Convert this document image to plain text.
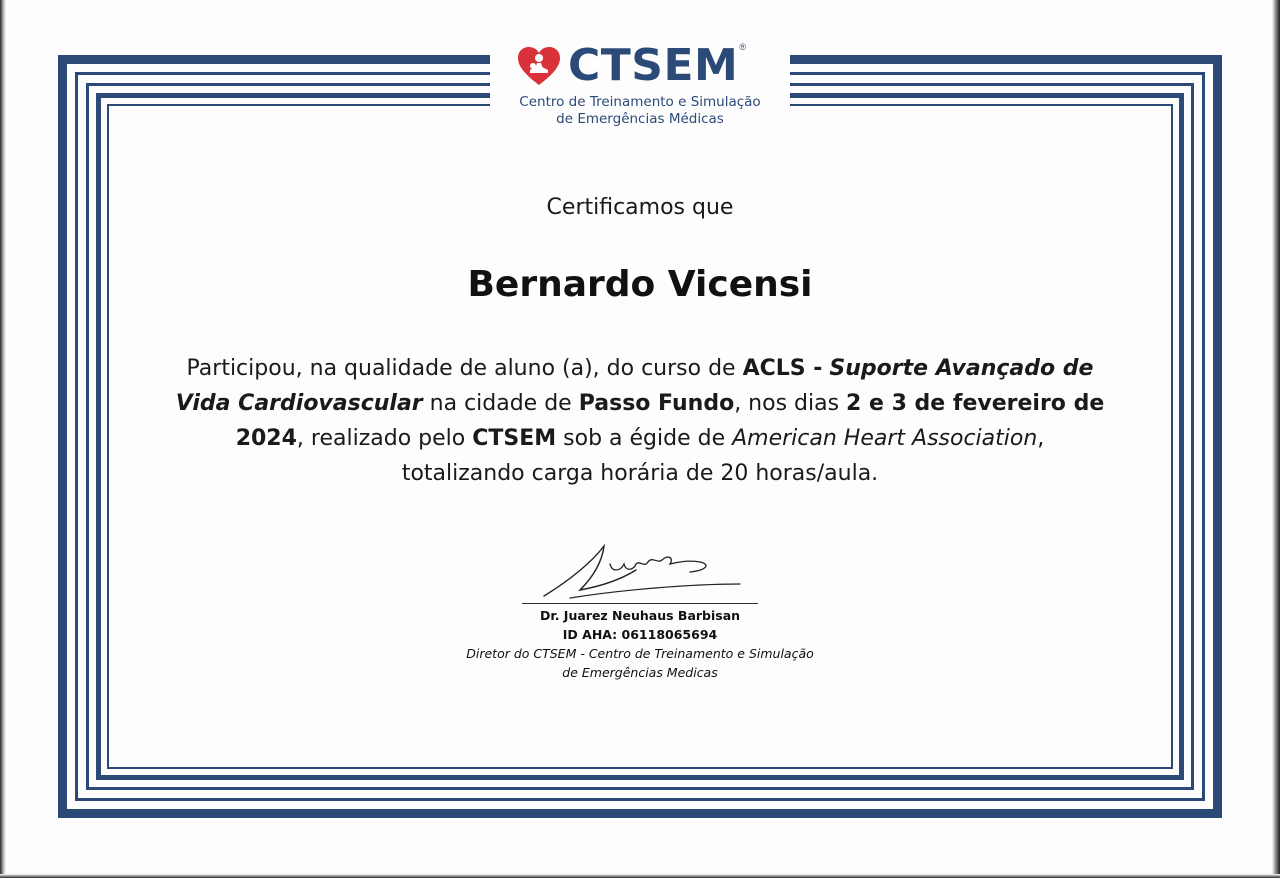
CTSEM ®
Centro de Treinamento e Simulação
de Emergências Médicas
Certificamos que
Bernardo Vicensi
Participou, na qualidade de aluno (a), do curso de ACLS - Suporte Avançado de Vida Cardiovascular na cidade de Passo Fundo, nos dias 2 e 3 de fevereiro de 2024, realizado pelo CTSEM sob a égide de American Heart Association,
totalizando carga horária de 20 horas/aula.
Dr. Juarez Neuhaus Barbisan
ID AHA: 06118065694
Diretor do CTSEM - Centro de Treinamento e Simulação
de Emergências Medicas
